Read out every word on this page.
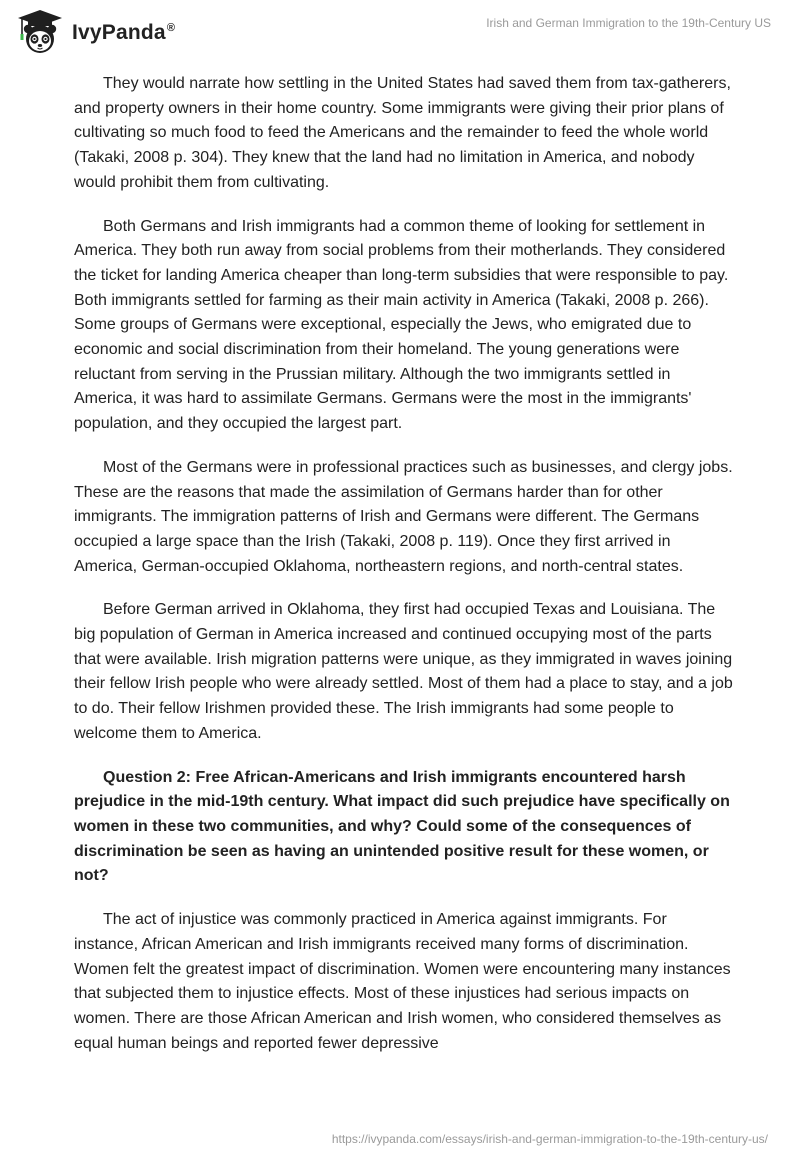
IvyPanda®	Irish and German Immigration to the 19th-Century US

They would narrate how settling in the United States had saved them from tax-gatherers, and property owners in their home country. Some immigrants were giving their prior plans of cultivating so much food to feed the Americans and the remainder to feed the whole world (Takaki, 2008 p. 304). They knew that the land had no limitation in America, and nobody would prohibit them from cultivating.

Both Germans and Irish immigrants had a common theme of looking for settlement in America. They both run away from social problems from their motherlands. They considered the ticket for landing America cheaper than long-term subsidies that were responsible to pay. Both immigrants settled for farming as their main activity in America (Takaki, 2008 p. 266). Some groups of Germans were exceptional, especially the Jews, who emigrated due to economic and social discrimination from their homeland. The young generations were reluctant from serving in the Prussian military. Although the two immigrants settled in America, it was hard to assimilate Germans. Germans were the most in the immigrants' population, and they occupied the largest part.

Most of the Germans were in professional practices such as businesses, and clergy jobs. These are the reasons that made the assimilation of Germans harder than for other immigrants. The immigration patterns of Irish and Germans were different. The Germans occupied a large space than the Irish (Takaki, 2008 p. 119). Once they first arrived in America, German-occupied Oklahoma, northeastern regions, and north-central states.

Before German arrived in Oklahoma, they first had occupied Texas and Louisiana. The big population of German in America increased and continued occupying most of the parts that were available. Irish migration patterns were unique, as they immigrated in waves joining their fellow Irish people who were already settled. Most of them had a place to stay, and a job to do. Their fellow Irishmen provided these. The Irish immigrants had some people to welcome them to America.

Question 2: Free African-Americans and Irish immigrants encountered harsh prejudice in the mid-19th century. What impact did such prejudice have specifically on women in these two communities, and why? Could some of the consequences of discrimination be seen as having an unintended positive result for these women, or not?

The act of injustice was commonly practiced in America against immigrants. For instance, African American and Irish immigrants received many forms of discrimination. Women felt the greatest impact of discrimination. Women were encountering many instances that subjected them to injustice effects. Most of these injustices had serious impacts on women. There are those African American and Irish women, who considered themselves as equal human beings and reported fewer depressive

https://ivypanda.com/essays/irish-and-german-immigration-to-the-19th-century-us/
